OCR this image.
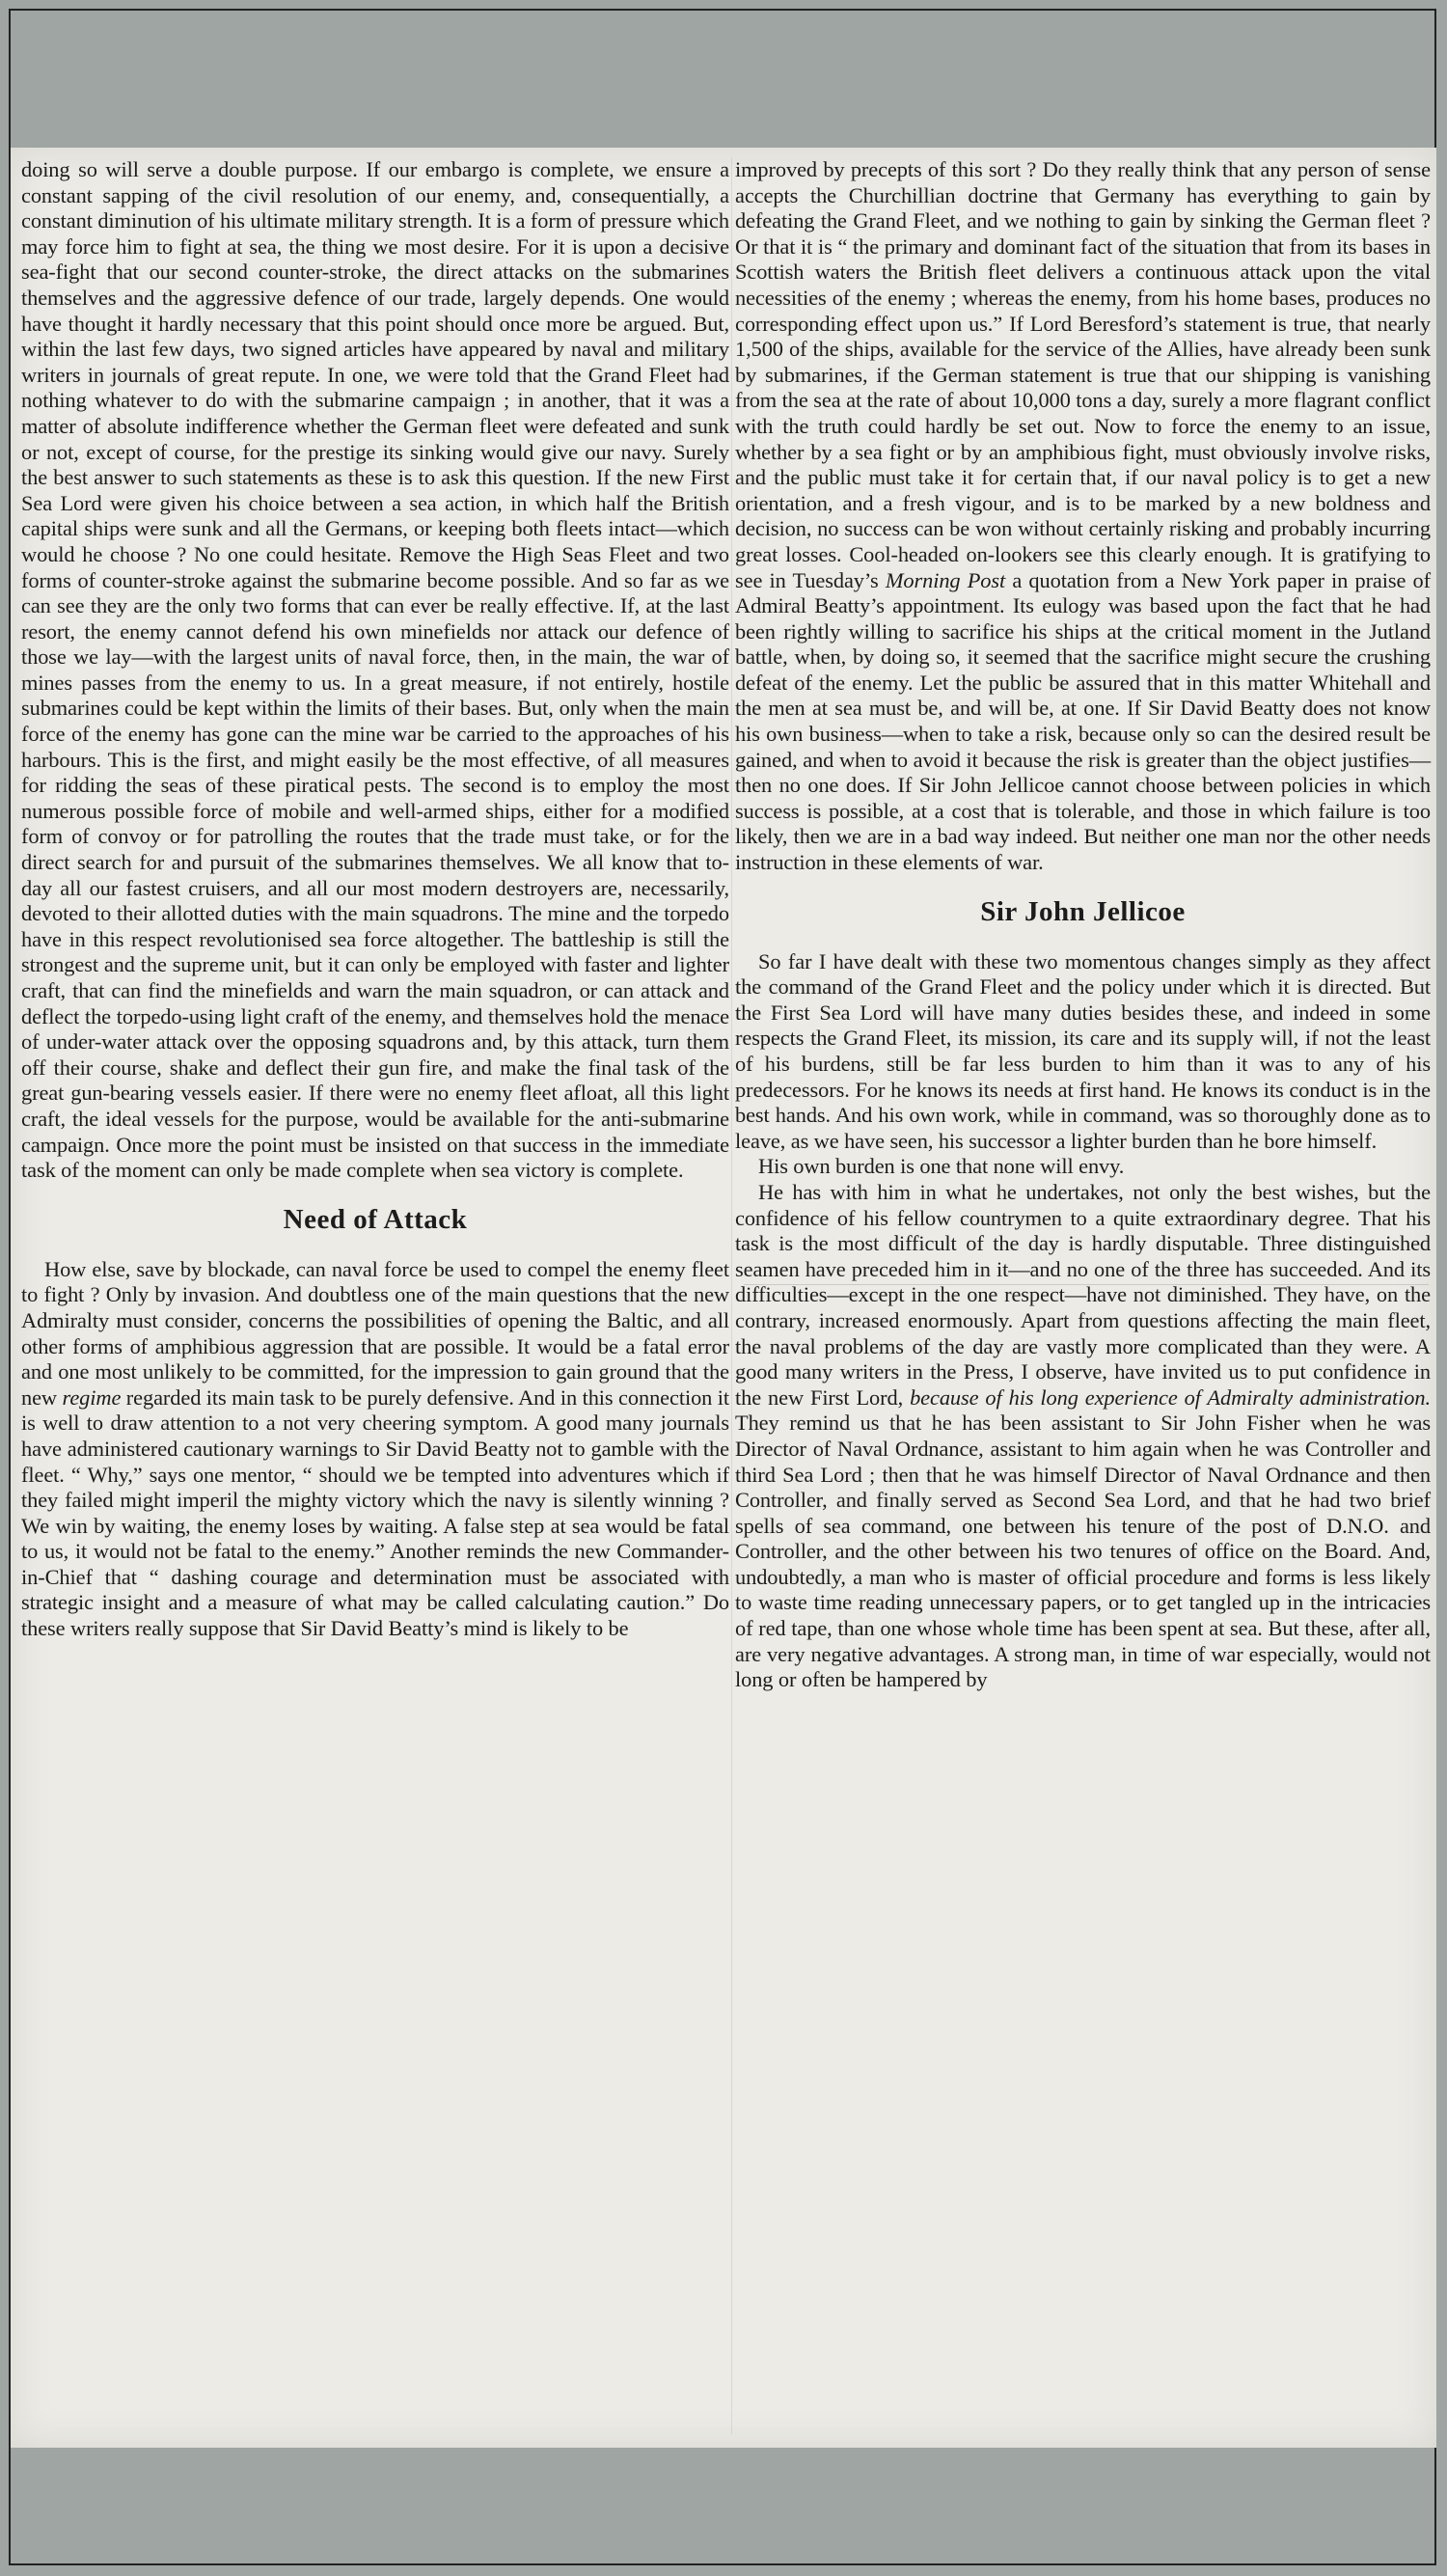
doing so will serve a double purpose. If our embargo is complete, we ensure a constant sapping of the civil resolution of our enemy, and, consequentially, a constant diminution of his ultimate military strength. It is a form of pressure which may force him to fight at sea, the thing we most desire. For it is upon a decisive sea-fight that our second counter-stroke, the direct attacks on the submarines themselves and the aggressive defence of our trade, largely depends. One would have thought it hardly necessary that this point should once more be argued. But, within the last few days, two signed articles have appeared by naval and military writers in journals of great repute. In one, we were told that the Grand Fleet had nothing whatever to do with the submarine campaign ; in another, that it was a matter of absolute indifference whether the German fleet were defeated and sunk or not, except of course, for the prestige its sinking would give our navy. Surely the best answer to such statements as these is to ask this question. If the new First Sea Lord were given his choice between a sea action, in which half the British capital ships were sunk and all the Germans, or keeping both fleets intact—which would he choose ? No one could hesitate. Remove the High Seas Fleet and two forms of counter-stroke against the submarine become possible. And so far as we can see they are the only two forms that can ever be really effective. If, at the last resort, the enemy cannot defend his own minefields nor attack our defence of those we lay—with the largest units of naval force, then, in the main, the war of mines passes from the enemy to us. In a great measure, if not entirely, hostile submarines could be kept within the limits of their bases. But, only when the main force of the enemy has gone can the mine war be carried to the approaches of his harbours. This is the first, and might easily be the most effective, of all measures for ridding the seas of these piratical pests. The second is to employ the most numerous possible force of mobile and well-armed ships, either for a modified form of convoy or for patrolling the routes that the trade must take, or for the direct search for and pursuit of the submarines themselves. We all know that to-day all our fastest cruisers, and all our most modern destroyers are, necessarily, devoted to their allotted duties with the main squadrons. The mine and the torpedo have in this respect revolutionised sea force altogether. The battleship is still the strongest and the supreme unit, but it can only be employed with faster and lighter craft, that can find the minefields and warn the main squadron, or can attack and deflect the torpedo-using light craft of the enemy, and themselves hold the menace of under-water attack over the opposing squadrons and, by this attack, turn them off their course, shake and deflect their gun fire, and make the final task of the great gun-bearing vessels easier. If there were no enemy fleet afloat, all this light craft, the ideal vessels for the purpose, would be available for the anti-submarine campaign. Once more the point must be insisted on that success in the immediate task of the moment can only be made complete when sea victory is complete.

Need of Attack

How else, save by blockade, can naval force be used to compel the enemy fleet to fight ? Only by invasion. And doubtless one of the main questions that the new Admiralty must consider, concerns the possibilities of opening the Baltic, and all other forms of amphibious aggression that are possible. It would be a fatal error and one most unlikely to be committed, for the impression to gain ground that the new regime regarded its main task to be purely defensive. And in this connection it is well to draw attention to a not very cheering symptom. A good many journals have administered cautionary warnings to Sir David Beatty not to gamble with the fleet. “ Why,” says one mentor, “ should we be tempted into adventures which if they failed might imperil the mighty victory which the navy is silently winning ? We win by waiting, the enemy loses by waiting. A false step at sea would be fatal to us, it would not be fatal to the enemy.” Another reminds the new Commander-in-Chief that “ dashing courage and determination must be associated with strategic insight and a measure of what may be called calculating caution.” Do these writers really suppose that Sir David Beatty’s mind is likely to be

improved by precepts of this sort ? Do they really think that any person of sense accepts the Churchillian doctrine that Germany has everything to gain by defeating the Grand Fleet, and we nothing to gain by sinking the German fleet ? Or that it is “ the primary and dominant fact of the situation that from its bases in Scottish waters the British fleet delivers a continuous attack upon the vital necessities of the enemy ; whereas the enemy, from his home bases, produces no corresponding effect upon us.” If Lord Beresford’s statement is true, that nearly 1,500 of the ships, available for the service of the Allies, have already been sunk by submarines, if the German statement is true that our shipping is vanishing from the sea at the rate of about 10,000 tons a day, surely a more flagrant conflict with the truth could hardly be set out. Now to force the enemy to an issue, whether by a sea fight or by an amphibious fight, must obviously involve risks, and the public must take it for certain that, if our naval policy is to get a new orientation, and a fresh vigour, and is to be marked by a new boldness and decision, no success can be won without certainly risking and probably incurring great losses. Cool-headed on-lookers see this clearly enough. It is gratifying to see in Tuesday’s Morning Post a quotation from a New York paper in praise of Admiral Beatty’s appointment. Its eulogy was based upon the fact that he had been rightly willing to sacrifice his ships at the critical moment in the Jutland battle, when, by doing so, it seemed that the sacrifice might secure the crushing defeat of the enemy. Let the public be assured that in this matter Whitehall and the men at sea must be, and will be, at one. If Sir David Beatty does not know his own business—when to take a risk, because only so can the desired result be gained, and when to avoid it because the risk is greater than the object justifies—then no one does. If Sir John Jellicoe cannot choose between policies in which success is possible, at a cost that is tolerable, and those in which failure is too likely, then we are in a bad way indeed. But neither one man nor the other needs instruction in these elements of war.

Sir John Jellicoe

So far I have dealt with these two momentous changes simply as they affect the command of the Grand Fleet and the policy under which it is directed. But the First Sea Lord will have many duties besides these, and indeed in some respects the Grand Fleet, its mission, its care and its supply will, if not the least of his burdens, still be far less burden to him than it was to any of his predecessors. For he knows its needs at first hand. He knows its conduct is in the best hands. And his own work, while in command, was so thoroughly done as to leave, as we have seen, his successor a lighter burden than he bore himself.

His own burden is one that none will envy.

He has with him in what he undertakes, not only the best wishes, but the confidence of his fellow countrymen to a quite extraordinary degree. That his task is the most difficult of the day is hardly disputable. Three distinguished seamen have preceded him in it—and no one of the three has succeeded. And its difficulties—except in the one respect—have not diminished. They have, on the contrary, increased enormously. Apart from questions affecting the main fleet, the naval problems of the day are vastly more complicated than they were. A good many writers in the Press, I observe, have invited us to put confidence in the new First Lord, because of his long experience of Admiralty administration. They remind us that he has been assistant to Sir John Fisher when he was Director of Naval Ordnance, assistant to him again when he was Controller and third Sea Lord ; then that he was himself Director of Naval Ordnance and then Controller, and finally served as Second Sea Lord, and that he had two brief spells of sea command, one between his tenure of the post of D.N.O. and Controller, and the other between his two tenures of office on the Board. And, undoubtedly, a man who is master of official procedure and forms is less likely to waste time reading unnecessary papers, or to get tangled up in the intricacies of red tape, than one whose whole time has been spent at sea. But these, after all, are very negative advantages. A strong man, in time of war especially, would not long or often be hampered by
